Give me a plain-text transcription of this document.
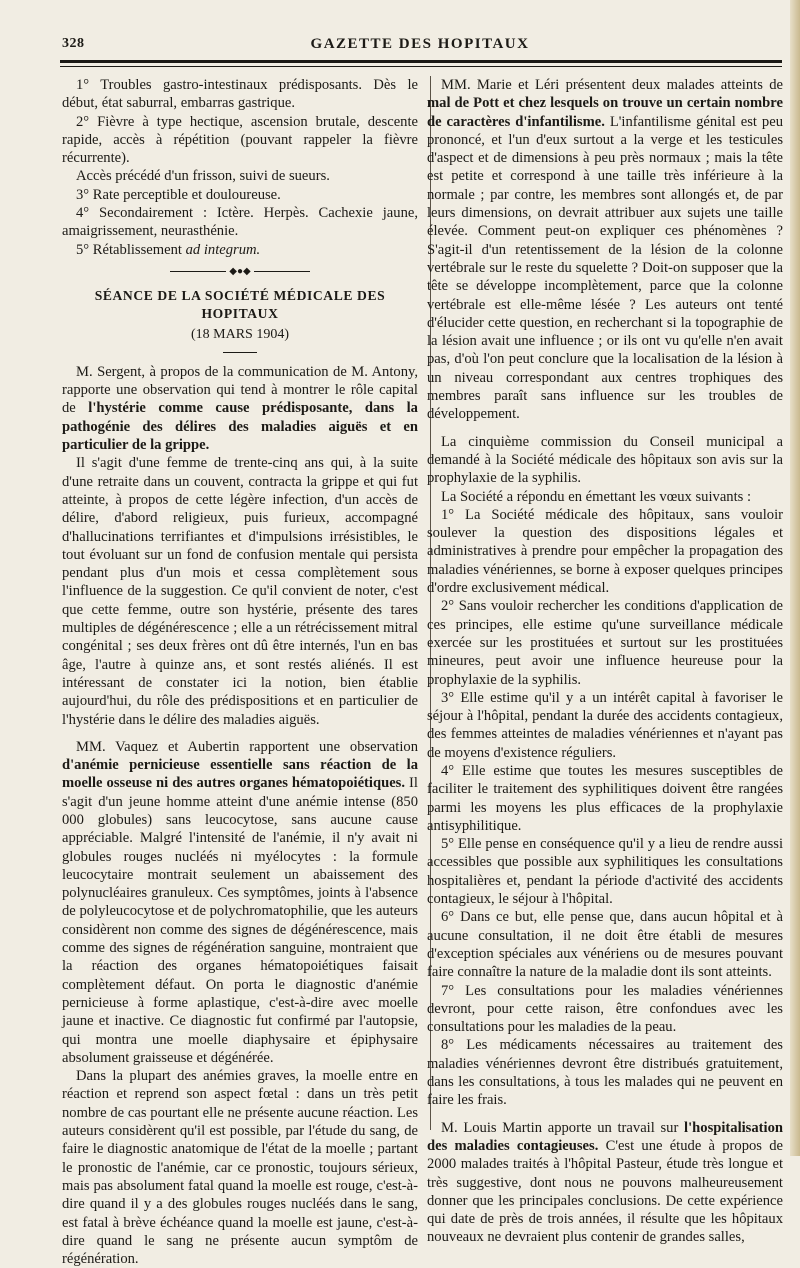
328	GAZETTE DES HOPITAUX

1° Troubles gastro-intestinaux prédisposants. Dès le début, état saburral, embarras gastrique.

2° Fièvre à type hectique, ascension brutale, descente rapide, accès à répétition (pouvant rappeler la fièvre récurrente).

Accès précédé d'un frisson, suivi de sueurs.

3° Rate perceptible et douloureuse.

4° Secondairement : Ictère. Herpès. Cachexie jaune, amaigrissement, neurasthénie.

5° Rétablissement ad integrum.

◆●◆

SÉANCE DE LA SOCIÉTÉ MÉDICALE DES HOPITAUX

(18 MARS 1904)

M. Sergent, à propos de la communication de M. Antony, rapporte une observation qui tend à montrer le rôle capital de l'hystérie comme cause prédisposante, dans la pathogénie des délires des maladies aiguës et en particulier de la grippe.

Il s'agit d'une femme de trente-cinq ans qui, à la suite d'une retraite dans un couvent, contracta la grippe et qui fut atteinte, à propos de cette légère infection, d'un accès de délire, d'abord religieux, puis furieux, accompagné d'hallucinations terrifiantes et d'impulsions irrésistibles, le tout évoluant sur un fond de confusion mentale qui persista pendant plus d'un mois et cessa complètement sous l'influence de la suggestion. Ce qu'il convient de noter, c'est que cette femme, outre son hystérie, présente des tares multiples de dégénérescence ; elle a un rétrécissement mitral congénital ; ses deux frères ont dû être internés, l'un en bas âge, l'autre à quinze ans, et sont restés aliénés. Il est intéressant de constater ici la notion, bien établie aujourd'hui, du rôle des prédispositions et en particulier de l'hystérie dans le délire des maladies aiguës.

MM. Vaquez et Aubertin rapportent une observation d'anémie pernicieuse essentielle sans réaction de la moelle osseuse ni des autres organes hématopoiétiques. Il s'agit d'un jeune homme atteint d'une anémie intense (850 000 globules) sans leucocytose, sans aucune cause appréciable. Malgré l'intensité de l'anémie, il n'y avait ni globules rouges nucléés ni myélocytes : la formule leucocytaire montrait seulement un abaissement des polynucléaires granuleux. Ces symptômes, joints à l'absence de polyleucocytose et de polychromatophilie, que les auteurs considèrent non comme des signes de dégénérescence, mais comme des signes de régénération sanguine, montraient que la réaction des organes hématopoiétiques faisait complètement défaut. On porta le diagnostic d'anémie pernicieuse à forme aplastique, c'est-à-dire avec moelle jaune et inactive. Ce diagnostic fut confirmé par l'autopsie, qui montra une moelle diaphysaire et épiphysaire absolument graisseuse et dégénérée.

Dans la plupart des anémies graves, la moelle entre en réaction et reprend son aspect fœtal : dans un très petit nombre de cas pourtant elle ne présente aucune réaction. Les auteurs considèrent qu'il est possible, par l'étude du sang, de faire le diagnostic anatomique de l'état de la moelle ; partant le pronostic de l'anémie, car ce pronostic, toujours sérieux, mais pas absolument fatal quand la moelle est rouge, c'est-à-dire quand il y a des globules rouges nucléés dans le sang, est fatal à brève échéance quand la moelle est jaune, c'est-à-dire quand le sang ne présente aucun symptôm de régénération.

MM. Marie et Léri présentent deux malades atteints de mal de Pott et chez lesquels on trouve un certain nombre de caractères d'infantilisme. L'infantilisme génital est peu prononcé, et l'un d'eux surtout a la verge et les testicules d'aspect et de dimensions à peu près normaux ; mais la tête est petite et correspond à une taille très inférieure à la normale ; par contre, les membres sont allongés et, de par leurs dimensions, on devrait attribuer aux sujets une taille élevée. Comment peut-on expliquer ces phénomènes ? S'agit-il d'un retentissement de la lésion de la colonne vertébrale sur le reste du squelette ? Doit-on supposer que la tête se développe incomplètement, parce que la colonne vertébrale est elle-même lésée ? Les auteurs ont tenté d'élucider cette question, en recherchant si la topographie de la lésion avait une influence ; or ils ont vu qu'elle n'en avait pas, d'où l'on peut conclure que la localisation de la lésion à un niveau correspondant aux centres trophiques des membres paraît sans influence sur les troubles de développement.

La cinquième commission du Conseil municipal a demandé à la Société médicale des hôpitaux son avis sur la prophylaxie de la syphilis.

La Société a répondu en émettant les vœux suivants :

1° La Société médicale des hôpitaux, sans vouloir soulever la question des dispositions légales et administratives à prendre pour empêcher la propagation des maladies vénériennes, se borne à exposer quelques principes d'ordre exclusivement médical.

2° Sans vouloir rechercher les conditions d'application de ces principes, elle estime qu'une surveillance médicale exercée sur les prostituées et surtout sur les prostituées mineures, peut avoir une influence heureuse pour la prophylaxie de la syphilis.

3° Elle estime qu'il y a un intérêt capital à favoriser le séjour à l'hôpital, pendant la durée des accidents contagieux, des femmes atteintes de maladies vénériennes et n'ayant pas de moyens d'existence réguliers.

4° Elle estime que toutes les mesures susceptibles de faciliter le traitement des syphilitiques doivent être rangées parmi les moyens les plus efficaces de la prophylaxie antisyphilitique.

5° Elle pense en conséquence qu'il y a lieu de rendre aussi accessibles que possible aux syphilitiques les consultations hospitalières et, pendant la période d'activité des accidents contagieux, le séjour à l'hôpital.

6° Dans ce but, elle pense que, dans aucun hôpital et à aucune consultation, il ne doit être établi de mesures d'exception spéciales aux vénériens ou de mesures pouvant faire connaître la nature de la maladie dont ils sont atteints.

7° Les consultations pour les maladies vénériennes devront, pour cette raison, être confondues avec les consultations pour les maladies de la peau.

8° Les médicaments nécessaires au traitement des maladies vénériennes devront être distribués gratuitement, dans les consultations, à tous les malades qui ne peuvent en faire les frais.

M. Louis Martin apporte un travail sur l'hospitalisation des maladies contagieuses. C'est une étude à propos de 2000 malades traités à l'hôpital Pasteur, étude très longue et très suggestive, dont nous ne pouvons malheureusement donner que les principales conclusions. De cette expérience qui date de près de trois années, il résulte que les hôpitaux nouveaux ne devraient plus contenir de grandes salles,
